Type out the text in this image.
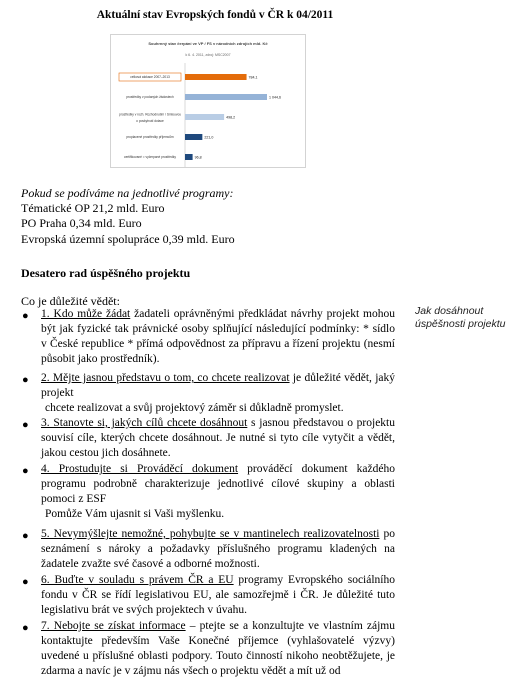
Aktuální stav Evropských fondů v ČR k 04/2011
Souhrnný stav čerpání ve VP / FS v národních zdrojích mld. Kč
k 6. 4. 2011, zdroj: MSC2007
celková alokace 2007–2013	784,1
prostředky v podaných žádostech	1 044,6
prostředky v rozh. Rozhodnutím / Smlouvou
o poskytnutí dotace
498,2
proplacené prostředky příjemcům	221,0
certifikované = vyčerpané prostředky	96,8
Pokud se podíváme na jednotlivé programy:
Tématické OP 21,2 mld. Euro
PO Praha 0,34 mld. Euro
Evropská územní spolupráce 0,39 mld. Euro
Desatero rad úspěšného projektu
Co je důležité vědět:
Jak dosáhnout úspěšnosti projektu
● 1. Kdo může žádat žadateli oprávněnými předkládat návrhy projekt mohou být jak fyzické tak právnické osoby splňující následující podmínky: * sídlo v České republice * přímá odpovědnost za přípravu a řízení projektu (nesmí působit jako prostředník).
● 2. Mějte jasnou představu o tom, co chcete realizovat je důležité vědět, jaký projekt
chcete realizovat a svůj projektový záměr si důkladně promyslet.
● 3. Stanovte si, jakých cílů chcete dosáhnout s jasnou představou o projektu souvisí cíle, kterých chcete dosáhnout. Je nutné si tyto cíle vytyčit a vědět, jakou cestou jich dosáhnete.
● 4. Prostudujte si Prováděcí dokument prováděcí dokument každého programu podrobně charakterizuje jednotlivé cílové skupiny a oblasti pomoci z ESF
Pomůže Vám ujasnit si Vaši myšlenku.
● 5. Nevymýšlejte nemožné, pohybujte se v mantinelech realizovatelnosti po seznámení s nároky a požadavky příslušného programu kladených na žadatele zvažte své časové a odborné možnosti.
● 6. Buďte v souladu s právem ČR a EU programy Evropského sociálního fondu v ČR se řídí legislativou EU, ale samozřejmě i ČR. Je důležité tuto legislativu brát ve svých projektech v úvahu.
● 7. Nebojte se získat informace – ptejte se a konzultujte ve vlastním zájmu kontaktujte především Vaše Konečné příjemce (vyhlašovatelé výzvy) uvedené u příslušné oblasti podpory. Touto činností nikoho neobtěžujete, je zdarma a navíc je v zájmu nás všech o projektu vědět a mít už od
